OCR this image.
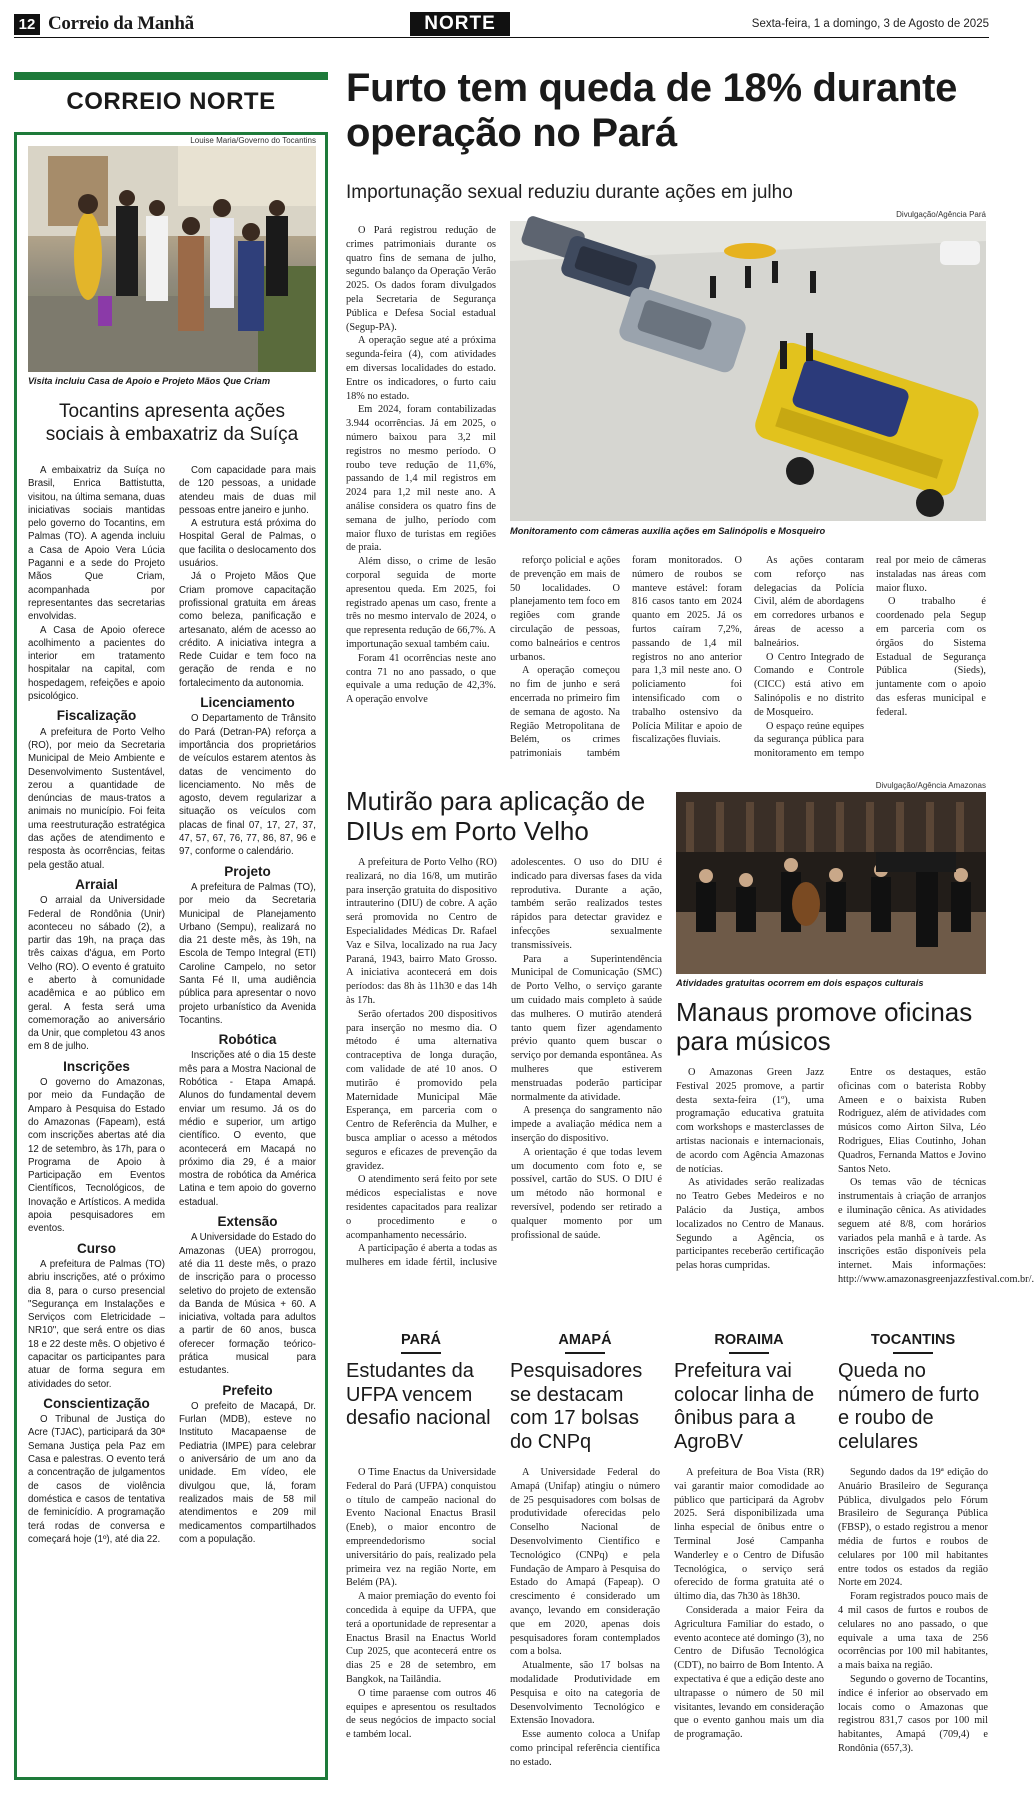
12 Correio da Manhã	NORTE	Sexta-feira, 1 a domingo, 3 de Agosto de 2025
CORREIO NORTE
Louise Maria/Governo do Tocantins
Visita incluiu Casa de Apoio e Projeto Mãos Que Criam
Tocantins apresenta ações sociais à embaxatriz da Suíça

A embaixatriz da Suíça no Brasil, Enrica Battistutta, visitou, na última semana, duas iniciativas sociais mantidas pelo governo do Tocantins, em Palmas (TO). A agenda incluiu a Casa de Apoio Vera Lúcia Paganni e a sede do Projeto Mãos Que Criam, acompanhada por representantes das secretarias envolvidas.

A Casa de Apoio oferece acolhimento a pacientes do interior em tratamento hospitalar na capital, com hospedagem, refeições e apoio psicológico.

Fiscalização

A prefeitura de Porto Velho (RO), por meio da Secretaria Municipal de Meio Ambiente e Desenvolvimento Sustentável, zerou a quantidade de denúncias de maus-tratos a animais no município. Foi feita uma reestruturação estratégica das ações de atendimento e resposta às ocorrências, feitas pela gestão atual.

Arraial

O arraial da Universidade Federal de Rondônia (Unir) aconteceu no sábado (2), a partir das 19h, na praça das três caixas d'água, em Porto Velho (RO). O evento é gratuito e aberto à comunidade acadêmica e ao público em geral. A festa será uma comemoração ao aniversário da Unir, que completou 43 anos em 8 de julho.

Inscrições

O governo do Amazonas, por meio da Fundação de Amparo à Pesquisa do Estado do Amazonas (Fapeam), está com inscrições abertas até dia 12 de setembro, às 17h, para o Programa de Apoio à Participação em Eventos Científicos, Tecnológicos, de Inovação e Artísticos. A medida apoia pesquisadores em eventos.

Curso

A prefeitura de Palmas (TO) abriu inscrições, até o próximo dia 8, para o curso presencial "Segurança em Instalações e Serviços com Eletricidade – NR10", que será entre os dias 18 e 22 deste mês. O objetivo é capacitar os participantes para atuar de forma segura em atividades do setor.

Conscientização

O Tribunal de Justiça do Acre (TJAC), participará da 30ª Semana Justiça pela Paz em Casa e palestras. O evento terá a concentração de julgamentos de casos de violência doméstica e casos de tentativa de feminicídio. A programação terá rodas de conversa e começará hoje (1º), até dia 22.

Com capacidade para mais de 120 pessoas, a unidade atendeu mais de duas mil pessoas entre janeiro e junho.

A estrutura está próxima do Hospital Geral de Palmas, o que facilita o deslocamento dos usuários.

Já o Projeto Mãos Que Criam promove capacitação profissional gratuita em áreas como beleza, panificação e artesanato, além de acesso ao crédito. A iniciativa integra a Rede Cuidar e tem foco na geração de renda e no fortalecimento da autonomia.

Licenciamento

O Departamento de Trânsito do Pará (Detran-PA) reforça a importância dos proprietários de veículos estarem atentos às datas de vencimento do licenciamento. No mês de agosto, devem regularizar a situação os veículos com placas de final 07, 17, 27, 37, 47, 57, 67, 76, 77, 86, 87, 96 e 97, conforme o calendário.

Projeto

A prefeitura de Palmas (TO), por meio da Secretaria Municipal de Planejamento Urbano (Sempu), realizará no dia 21 deste mês, às 19h, na Escola de Tempo Integral (ETI) Caroline Campelo, no setor Santa Fé II, uma audiência pública para apresentar o novo projeto urbanístico da Avenida Tocantins.

Robótica

Inscrições até o dia 15 deste mês para a Mostra Nacional de Robótica - Etapa Amapá. Alunos do fundamental devem enviar um resumo. Já os do médio e superior, um artigo científico. O evento, que acontecerá em Macapá no próximo dia 29, é a maior mostra de robótica da América Latina e tem apoio do governo estadual.

Extensão

A Universidade do Estado do Amazonas (UEA) prorrogou, até dia 11 deste mês, o prazo de inscrição para o processo seletivo do projeto de extensão da Banda de Música + 60. A iniciativa, voltada para adultos a partir de 60 anos, busca oferecer formação teórico-prática musical para estudantes.

Prefeito

O prefeito de Macapá, Dr. Furlan (MDB), esteve no Instituto Macapaense de Pediatria (IMPE) para celebrar o aniversário de um ano da unidade. Em vídeo, ele divulgou que, lá, foram realizados mais de 58 mil atendimentos e 209 mil medicamentos compartilhados com a população.

Furto tem queda de 18% durante operação no Pará
Importunação sexual reduziu durante ações em julho

O Pará registrou redução de crimes patrimoniais durante os quatro fins de semana de julho, segundo balanço da Operação Verão 2025. Os dados foram divulgados pela Secretaria de Segurança Pública e Defesa Social estadual (Segup-PA).

A operação segue até a próxima segunda-feira (4), com atividades em diversas localidades do estado. Entre os indicadores, o furto caiu 18% no estado.

Em 2024, foram contabilizadas 3.944 ocorrências. Já em 2025, o número baixou para 3,2 mil registros no mesmo período. O roubo teve redução de 11,6%, passando de 1,4 mil registros em 2024 para 1,2 mil neste ano. A análise considera os quatro fins de semana de julho, período com maior fluxo de turistas em regiões de praia.

Além disso, o crime de lesão corporal seguida de morte apresentou queda. Em 2025, foi registrado apenas um caso, frente a três no mesmo intervalo de 2024, o que representa redução de 66,7%. A importunação sexual também caiu.

Foram 41 ocorrências neste ano contra 71 no ano passado, o que equivale a uma redução de 42,3%. A operação envolve

Divulgação/Agência Pará
Monitoramento com câmeras auxilia ações em Salinópolis e Mosqueiro

reforço policial e ações de prevenção em mais de 50 localidades. O planejamento tem foco em regiões com grande circulação de pessoas, como balneários e centros urbanos.

A operação começou no fim de junho e será encerrada no primeiro fim de semana de agosto. Na Região Metropolitana de Belém, os crimes patrimoniais também foram monitorados. O número de roubos se manteve estável: foram 816 casos tanto em 2024 quanto em 2025. Já os furtos caíram 7,2%, passando de 1,4 mil registros no ano anterior para 1,3 mil neste ano. O policiamento foi intensificado com o trabalho ostensivo da Polícia Militar e apoio de fiscalizações fluviais.

As ações contaram com reforço nas delegacias da Polícia Civil, além de abordagens em corredores urbanos e áreas de acesso a balneários.

O Centro Integrado de Comando e Controle (CICC) está ativo em Salinópolis e no distrito de Mosqueiro.

O espaço reúne equipes da segurança pública para monitoramento em tempo real por meio de câmeras instaladas nas áreas com maior fluxo.

O trabalho é coordenado pela Segup em parceria com os órgãos do Sistema Estadual de Segurança Pública (Sieds), juntamente com o apoio das esferas municipal e federal.

Mutirão para aplicação de DIUs em Porto Velho

A prefeitura de Porto Velho (RO) realizará, no dia 16/8, um mutirão para inserção gratuita do dispositivo intrauterino (DIU) de cobre. A ação será promovida no Centro de Especialidades Médicas Dr. Rafael Vaz e Silva, localizado na rua Jacy Paraná, 1943, bairro Mato Grosso. A iniciativa acontecerá em dois períodos: das 8h às 11h30 e das 14h às 17h.

Serão ofertados 200 dispositivos para inserção no mesmo dia. O método é uma alternativa contraceptiva de longa duração, com validade de até 10 anos. O mutirão é promovido pela Maternidade Municipal Mãe Esperança, em parceria com o Centro de Referência da Mulher, e busca ampliar o acesso a métodos seguros e eficazes de prevenção da gravidez.

O atendimento será feito por sete médicos especialistas e nove residentes capacitados para realizar o procedimento e o acompanhamento necessário.

A participação é aberta a todas as mulheres em idade fértil, inclusive adolescentes. O uso do DIU é indicado para diversas fases da vida reprodutiva. Durante a ação, também serão realizados testes rápidos para detectar gravidez e infecções sexualmente transmissíveis.

Para a Superintendência Municipal de Comunicação (SMC) de Porto Velho, o serviço garante um cuidado mais completo à saúde das mulheres. O mutirão atenderá tanto quem fizer agendamento prévio quanto quem buscar o serviço por demanda espontânea. As mulheres que estiverem menstruadas poderão participar normalmente da atividade.

A presença do sangramento não impede a avaliação médica nem a inserção do dispositivo.

A orientação é que todas levem um documento com foto e, se possível, cartão do SUS. O DIU é um método não hormonal e reversível, podendo ser retirado a qualquer momento por um profissional de saúde.

Divulgação/Agência Amazonas
Atividades gratuitas ocorrem em dois espaços culturais
Manaus promove oficinas para músicos

O Amazonas Green Jazz Festival 2025 promove, a partir desta sexta-feira (1º), uma programação educativa gratuita com workshops e masterclasses de artistas nacionais e internacionais, de acordo com Agência Amazonas de notícias.

As atividades serão realizadas no Teatro Gebes Medeiros e no Palácio da Justiça, ambos localizados no Centro de Manaus. Segundo a Agência, os participantes receberão certificação pelas horas cumpridas.

Entre os destaques, estão oficinas com o baterista Robby Ameen e o baixista Ruben Rodriguez, além de atividades com músicos como Airton Silva, Léo Rodrigues, Elias Coutinho, Johan Quadros, Fernanda Mattos e Jovino Santos Neto.

Os temas vão de técnicas instrumentais à criação de arranjos e iluminação cênica. As atividades seguem até 8/8, com horários variados pela manhã e à tarde. As inscrições estão disponíveis pela internet. Mais informações: http://www.amazonasgreenjazzfestival.com.br/.

PARÁ
Estudantes da UFPA vencem desafio nacional

O Time Enactus da Universidade Federal do Pará (UFPA) conquistou o título de campeão nacional do Evento Nacional Enactus Brasil (Eneb), o maior encontro de empreendedorismo social universitário do país, realizado pela primeira vez na região Norte, em Belém (PA).

A maior premiação do evento foi concedida à equipe da UFPA, que terá a oportunidade de representar a Enactus Brasil na Enactus World Cup 2025, que acontecerá entre os dias 25 e 28 de setembro, em Bangkok, na Tailândia.

O time paraense com outros 46 equipes e apresentou os resultados de seus negócios de impacto social e também local.

AMAPÁ
Pesquisadores se destacam com 17 bolsas do CNPq

A Universidade Federal do Amapá (Unifap) atingiu o número de 25 pesquisadores com bolsas de produtividade oferecidas pelo Conselho Nacional de Desenvolvimento Científico e Tecnológico (CNPq) e pela Fundação de Amparo à Pesquisa do Estado do Amapá (Fapeap). O crescimento é considerado um avanço, levando em consideração que em 2020, apenas dois pesquisadores foram contemplados com a bolsa.

Atualmente, são 17 bolsas na modalidade Produtividade em Pesquisa e oito na categoria de Desenvolvimento Tecnológico e Extensão Inovadora.

Esse aumento coloca a Unifap como principal referência científica no estado.

RORAIMA
Prefeitura vai colocar linha de ônibus para a AgroBV

A prefeitura de Boa Vista (RR) vai garantir maior comodidade ao público que participará da Agrobv 2025. Será disponibilizada uma linha especial de ônibus entre o Terminal José Campanha Wanderley e o Centro de Difusão Tecnológica, o serviço será oferecido de forma gratuita até o último dia, das 7h30 às 18h30.

Considerada a maior Feira da Agricultura Familiar do estado, o evento acontece até domingo (3), no Centro de Difusão Tecnológica (CDT), no bairro de Bom Intento. A expectativa é que a edição deste ano ultrapasse o número de 50 mil visitantes, levando em consideração que o evento ganhou mais um dia de programação.

TOCANTINS
Queda no número de furto e roubo de celulares

Segundo dados da 19ª edição do Anuário Brasileiro de Segurança Pública, divulgados pelo Fórum Brasileiro de Segurança Pública (FBSP), o estado registrou a menor média de furtos e roubos de celulares por 100 mil habitantes entre todos os estados da região Norte em 2024.

Foram registrados pouco mais de 4 mil casos de furtos e roubos de celulares no ano passado, o que equivale a uma taxa de 256 ocorrências por 100 mil habitantes, a mais baixa na região.

Segundo o governo de Tocantins, índice é inferior ao observado em locais como o Amazonas que registrou 831,7 casos por 100 mil habitantes, Amapá (709,4) e Rondônia (657,3).
